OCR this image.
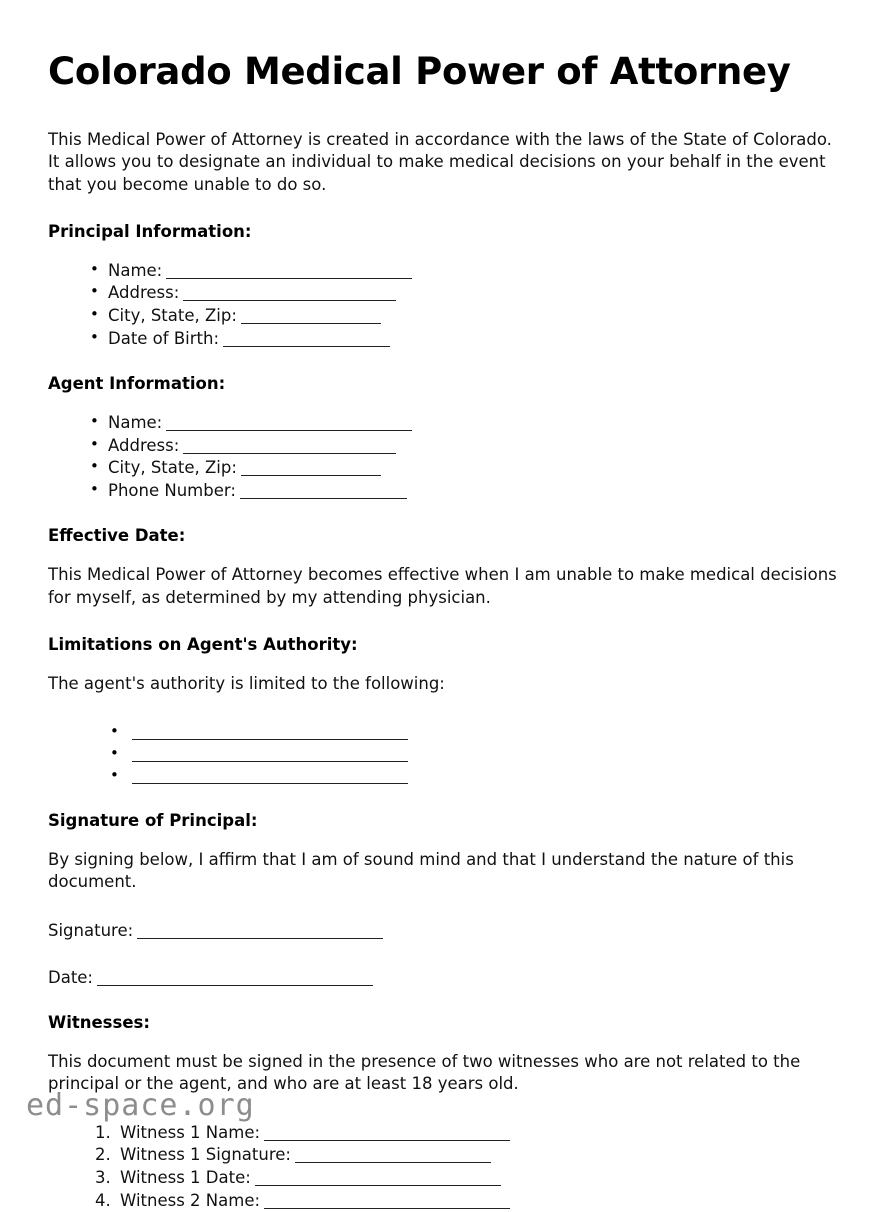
Colorado Medical Power of Attorney

This Medical Power of Attorney is created in accordance with the laws of the State of Colorado. It allows you to designate an individual to make medical decisions on your behalf in the event that you become unable to do so.

Principal Information:
• Name:
• Address:
• City, State, Zip:
• Date of Birth:
Agent Information:
• Name:
• Address:
• City, State, Zip:
• Phone Number:
Effective Date:

This Medical Power of Attorney becomes effective when I am unable to make medical decisions for myself, as determined by my attending physician.

Limitations on Agent's Authority:

The agent's authority is limited to the following:

•
•
•
Signature of Principal:

By signing below, I affirm that I am of sound mind and that I understand the nature of this document.

Signature:
Date:
Witnesses:

This document must be signed in the presence of two witnesses who are not related to the principal or the agent, and who are at least 18 years old.

1. Witness 1 Name:
2. Witness 1 Signature:
3. Witness 1 Date:
4. Witness 2 Name:
ed-space.org
